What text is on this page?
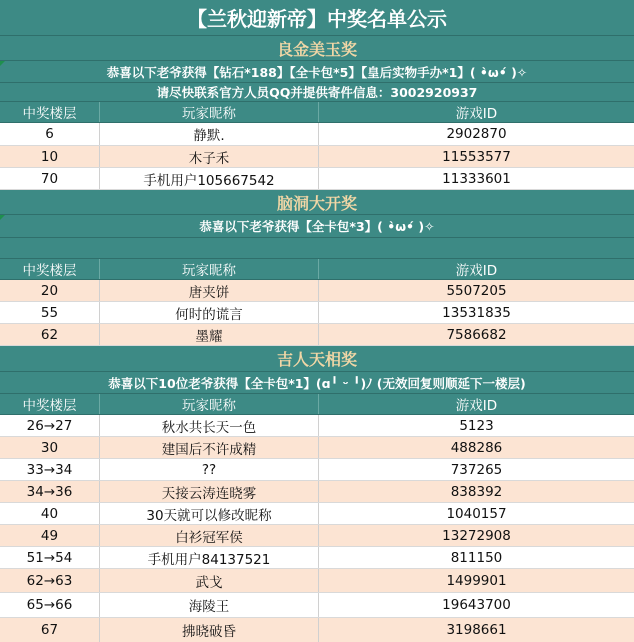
【兰秋迎新帝】中奖名单公示
良金美玉奖
恭喜以下老爷获得【钻石*188】【全卡包*5】【皇后实物手办*1】( •̀ω•́ )✧
请尽快联系官方人员QQ并提供寄件信息：3002920937
中奖楼层	玩家昵称	游戏ID
6	静默.	2902870
10	木子禾	11553577
70	手机用户105667542	11333601
脑洞大开奖
恭喜以下老爷获得【全卡包*3】( •̀ω•́ )✧
中奖楼层	玩家昵称	游戏ID
20	唐夹饼	5507205
55	何时的谎言	13531835
62	墨耀	7586682
吉人天相奖
恭喜以下10位老爷获得【全卡包*1】(ɑ╹ ᵕ ╹)ﾉ (无效回复则顺延下一楼层)
中奖楼层	玩家昵称	游戏ID
26→27	秋水共长天一色	5123
30	建国后不许成精	488286
33→34	??	737265
34→36	天接云涛连晓雾	838392
40	30天就可以修改昵称	1040157
49	白衫冠军侯	13272908
51→54	手机用户84137521	811150
62→63	武戈	1499901
65→66	海陵王	19643700
67	拂晓破昏	3198661
